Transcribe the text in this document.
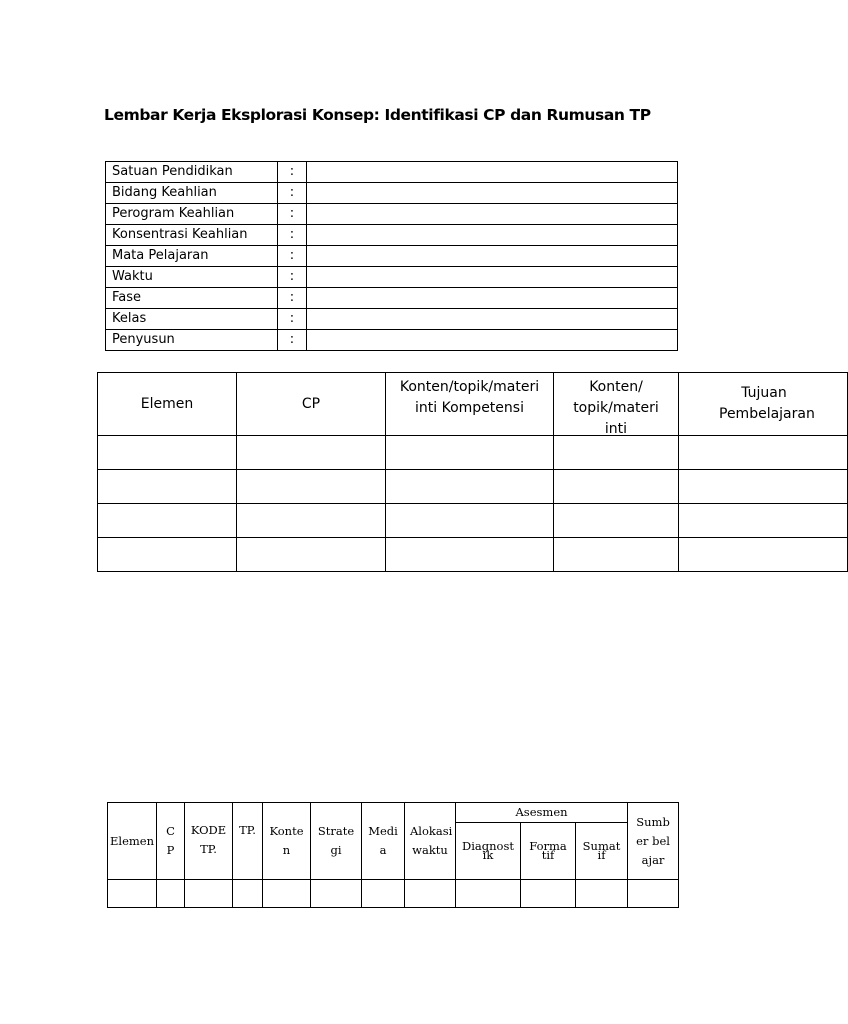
Lembar Kerja Eksplorasi Konsep: Identifikasi CP dan Rumusan TP
Satuan Pendidikan	:	
Bidang Keahlian	:	
Perogram Keahlian	:	
Konsentrasi Keahlian	:	
Mata Pelajaran	:	
Waktu	:	
Fase	:	
Kelas	:	
Penyusun	:	
Elemen	CP	Konten/topik/materi inti Kompetensi	Konten/ topik/materi inti	Tujuan Pembelajaran

Elemen	CP	KODE TP.	TP.	Konten	Strategi	Media	Alokasi waktu	Asesmen			Sumber belajar
								Diagnostik	Formatif	Sumatif	
